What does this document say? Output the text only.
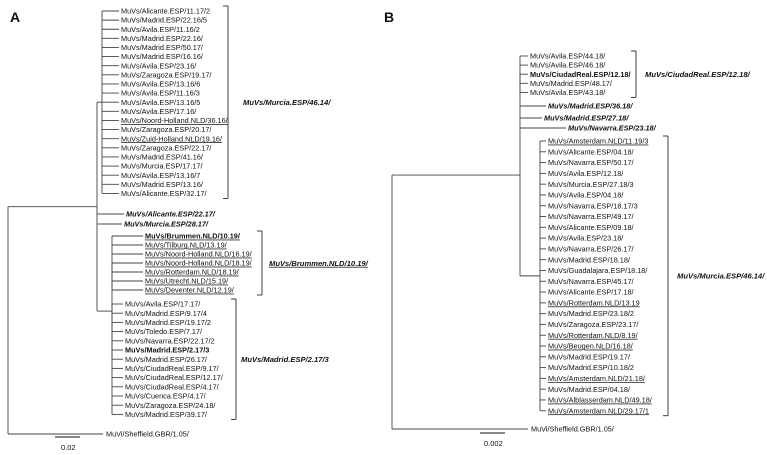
A	MuVs/Alicante.ESP/11.17/2
MuVs/Madrid.ESP/22.16/5
MuVs/Avila.ESP/11.16/2
MuVs/Madrid.ESP/22.16/
MuVs/Madrid.ESP/50.17/
MuVs/Madrid.ESP/16.16/
MuVs/Avila.ESP/23.16/
MuVs/Zaragoza.ESP/19.17/
MuVs/Avila.ESP/13.16/6
MuVs/Avila.ESP/11.16/3
MuVs/Avila.ESP/13.16/5
MuVs/Avila.ESP/17.16/
MuVs/Noord-Holland.NLD/36.16/
MuVs/Zaragoza.ESP/20.17/
MuVs/Zuid-Holland.NLD/19.16/
MuVs/Zaragoza.ESP/22.17/
MuVs/Madrid.ESP/41.16/
MuVs/Murcia.ESP/17.17/
MuVs/Avila.ESP/13.16/7
MuVs/Madrid.ESP/13.16/
MuVs/Alicante.ESP/32.17/
MuVs/Alicante.ESP/22.17/
MuVs/Murcia.ESP/28.17/
MuVs/Brummen.NLD/10.19/
MuVs/Tilburg.NLD/13.19/
MuVs/Noord-Holland.NLD/16.19/
MuVs/Noord-Holland.NLD/18.19/
MuVs/Rotterdam.NLD/18.19/
MuVs/Utrecht.NLD/15.19/
MuVs/Deventer.NLD/12.19/
MuVs/Avila.ESP/17.17/
MuVs/Madrid.ESP/9.17/4
MuVs/Madrid.ESP/19.17/2
MuVs/Toledo.ESP/7.17/
MuVs/Navarra.ESP/22.17/2
MuVs/Madrid.ESP/2.17/3
MuVs/Madrid.ESP/26.17/
MuVs/CiudadReal.ESP/9.17/
MuVs/CiudadReal.ESP/12.17/
MuVs/CiudadReal.ESP/4.17/
MuVs/Cuenca.ESP/4.17/
MuVs/Zaragoza.ESP/24.18/
MuVs/Madrid.ESP/39.17/
MuVs/Murcia.ESP/46.14/
MuVs/Brummen.NLD/10.19/
MuVs/Madrid.ESP/2.17/3
MuVi/Sheffield.GBR/1.05/
0.02
B
MuVs/Avila.ESP/44.18/
MuVs/Avila.ESP/46.18/
MuVs/CiudadReal.ESP/12.18/
MuVs/Madrid.ESP/48.17/
MuVs/Avila.ESP/43.18/
MuVs/Madrid.ESP/36.18/
MuVs/Madrid.ESP/27.18/
MuVs/Navarra.ESP/23.18/
MuVs/Amsterdam.NLD/11.19/3
MuVs/Alicante.ESP/04.18/
MuVs/Navarra.ESP/50.17/
MuVs/Avila.ESP/12.18/
MuVs/Murcia.ESP/27.18/3
MuVs/Avila.ESP/04.18/
MuVs/Navarra.ESP/18.17/3
MuVs/Navarra.ESP/49.17/
MuVs/Alicante.ESP/09.18/
MuVs/Avila.ESP/23.18/
MuVs/Navarra.ESP/26.17/
MuVs/Madrid.ESP/18.18/
MuVs/Guadalajara.ESP/18.18/
MuVs/Navarra.ESP/45.17/
MuVs/Alicante.ESP/17.18/
MuVs/Rotterdam.NLD/13.19
MuVs/Madrid.ESP/23.18/2
MuVs/Zaragoza.ESP/23.17/
MuVs/Rotterdam.NLD/8.19/
MuVs/Beugen.NLD/16.18/
MuVs/Madrid.ESP/19.17/
MuVs/Madrid.ESP/10.18/2
MuVs/Amsterdam.NLD/21.18/
MuVs/Madrid.ESP/04.18/
MuVs/Alblasserdam.NLD/49.18/
MuVs/Amsterdam.NLD/29.17/1
MuVs/CiudadReal.ESP/12.18/
MuVs/Murcia.ESP/46.14/
MuVi/Sheffield.GBR/1.05/
0.002
